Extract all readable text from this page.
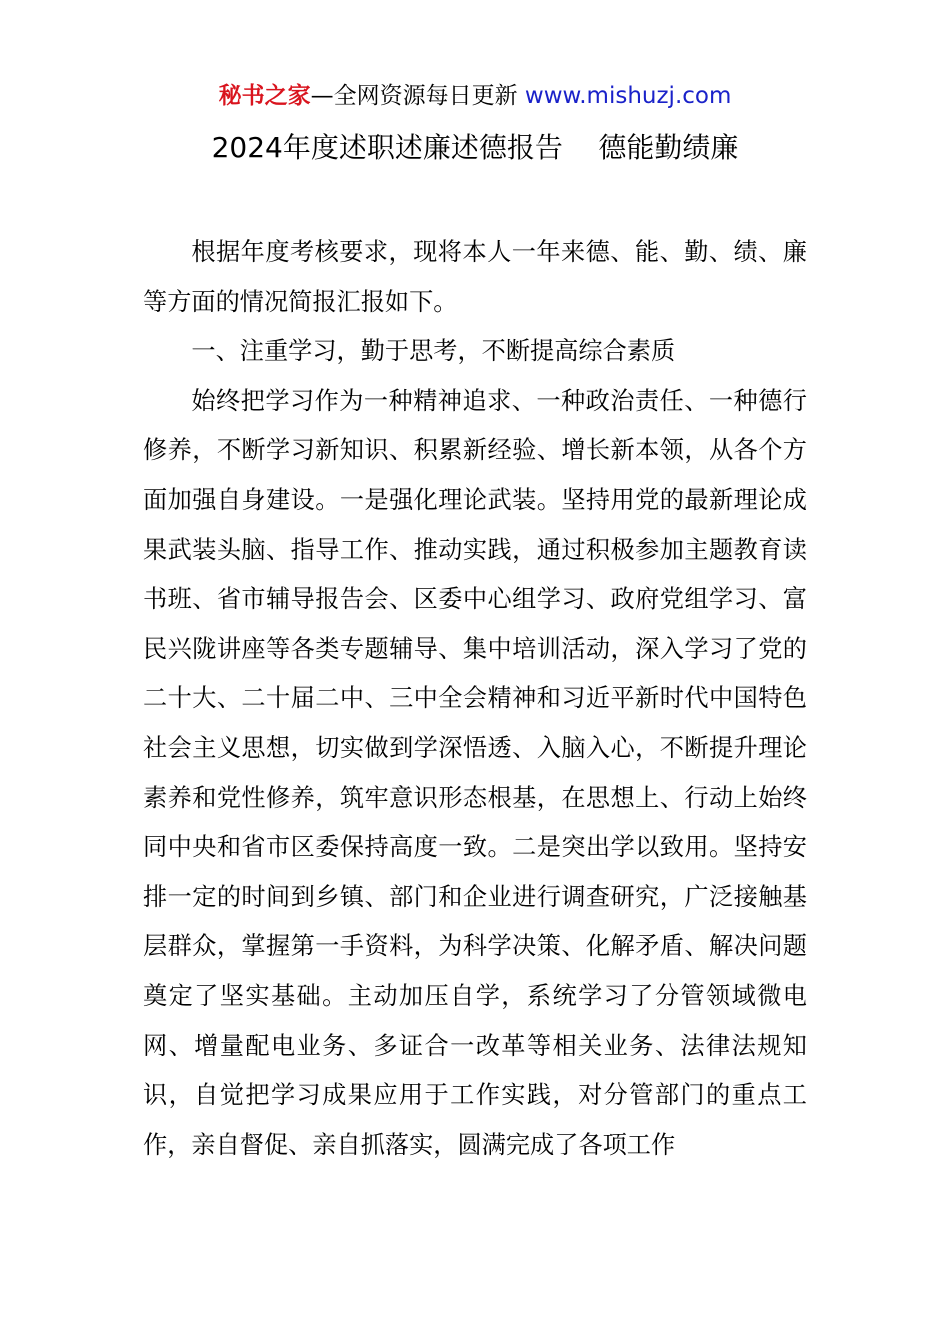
秘书之家—全网资源每日更新 www.mishuzj.com
2024年度述职述廉述德报告    德能勤绩廉

根据年度考核要求，现将本人一年来德、能、勤、绩、廉等方面的情况简报汇报如下。

一、注重学习，勤于思考，不断提高综合素质

始终把学习作为一种精神追求、一种政治责任、一种德行修养，不断学习新知识、积累新经验、增长新本领，从各个方面加强自身建设。一是强化理论武装。坚持用党的最新理论成果武装头脑、指导工作、推动实践，通过积极参加主题教育读书班、省市辅导报告会、区委中心组学习、政府党组学习、富民兴陇讲座等各类专题辅导、集中培训活动，深入学习了党的二十大、二十届二中、三中全会精神和习近平新时代中国特色社会主义思想，切实做到学深悟透、入脑入心，不断提升理论素养和党性修养，筑牢意识形态根基，在思想上、行动上始终同中央和省市区委保持高度一致。二是突出学以致用。坚持安排一定的时间到乡镇、部门和企业进行调查研究，广泛接触基层群众，掌握第一手资料，为科学决策、化解矛盾、解决问题奠定了坚实基础。主动加压自学，系统学习了分管领域微电网、增量配电业务、多证合一改革等相关业务、法律法规知识，自觉把学习成果应用于工作实践，对分管部门的重点工作，亲自督促、亲自抓落实，圆满完成了各项工作
